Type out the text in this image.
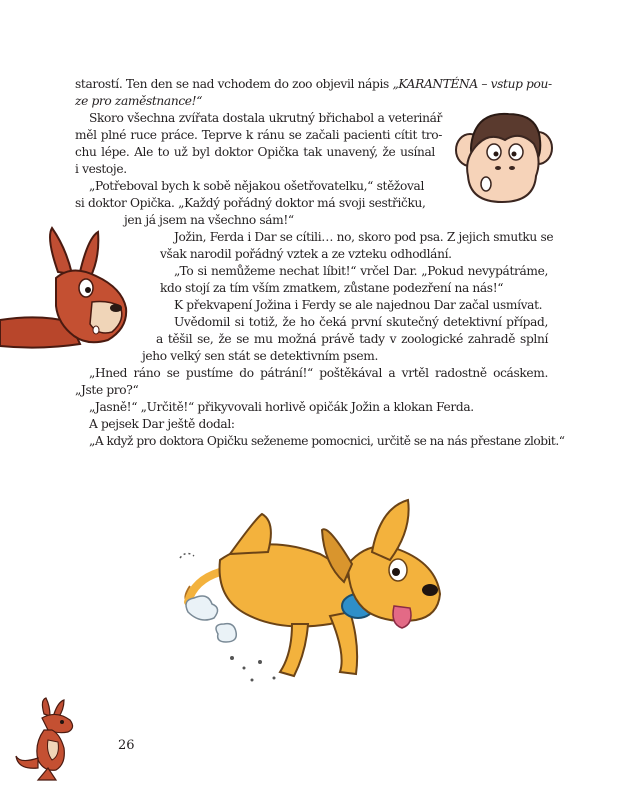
starostí. Ten den se nad vchodem do zoo objevil nápis „KARANTÉNA – vstup pou-
ze pro zaměstnance!“
Skoro všechna zvířata dostala ukrutný břichabol a veterinář
měl plné ruce práce. Teprve k ránu se začali pacienti cítit tro-
chu lépe. Ale to už byl doktor Opička tak unavený, že usínal
i vestoje.
„Potřeboval bych k sobě nějakou ošetřovatelku,“ stěžoval
si doktor Opička. „Každý pořádný doktor má svoji sestřičku,
jen já jsem na všechno sám!“
Jožin, Ferda i Dar se cítili… no, skoro pod psa. Z jejich smutku se
však narodil pořádný vztek a ze vzteku odhodlání.
„To si nemůžeme nechat líbit!“ vrčel Dar. „Pokud nevypátráme,
kdo stojí za tím vším zmatkem, zůstane podezření na nás!“
K překvapení Jožina i Ferdy se ale najednou Dar začal usmívat.
Uvědomil si totiž, že ho čeká první skutečný detektivní případ,
a těšil se, že se mu možná právě tady v zoologické zahradě splní
jeho velký sen stát se detektivním psem.
„Hned ráno se pustíme do pátrání!“ poštěkával a vrtěl radostně ocáskem.
„Jste pro?“
„Jasně!“ „Určitě!“ přikyvovali horlivě opičák Jožin a klokan Ferda.
A pejsek Dar ještě dodal:
„A když pro doktora Opičku seženeme pomocnici, určitě se na nás přestane zlobit.“
26
